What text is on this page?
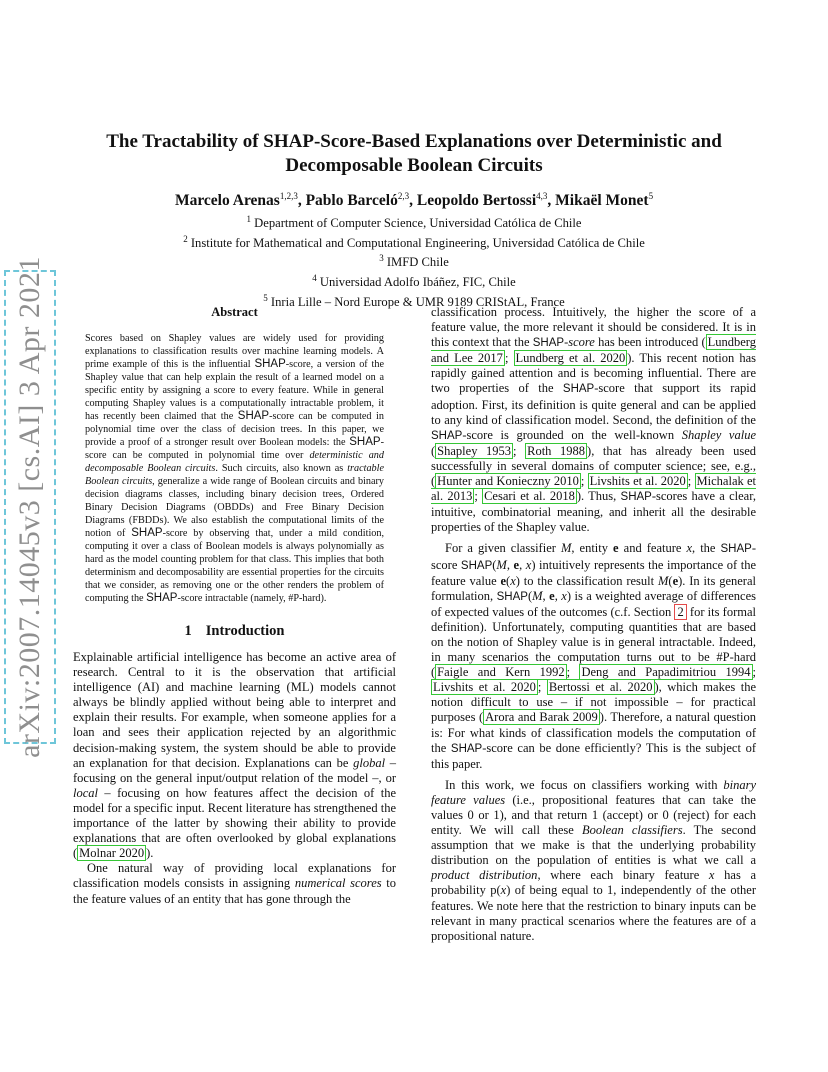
arXiv:2007.14045v3 [cs.AI] 3 Apr 2021
The Tractability of SHAP-Score-Based Explanations over Deterministic and
Decomposable Boolean Circuits
Marcelo Arenas$^{1,2,3}$, Pablo Barceló$^{2,3}$, Leopoldo Bertossi$^{4,3}$, Mikaël Monet$^5$
$^1$ Department of Computer Science, Universidad Católica de Chile
$^2$ Institute for Mathematical and Computational Engineering, Universidad Católica de Chile
$^3$ IMFD Chile
$^4$ Universidad Adolfo Ibáñez, FIC, Chile
$^5$ Inria Lille – Nord Europe & UMR 9189 CRIStAL, France
Abstract
Scores based on Shapley values are widely used for providing explanations to classification results over machine learning models. A prime example of this is the influential SHAP-score, a version of the Shapley value that can help explain the result of a learned model on a specific entity by assigning a score to every feature. While in general computing Shapley values is a computationally intractable problem, it has recently been claimed that the SHAP-score can be computed in polynomial time over the class of decision trees. In this paper, we provide a proof of a stronger result over Boolean models: the SHAP-score can be computed in polynomial time over deterministic and decomposable Boolean circuits. Such circuits, also known as tractable Boolean circuits, generalize a wide range of Boolean circuits and binary decision diagrams classes, including binary decision trees, Ordered Binary Decision Diagrams (OBDDs) and Free Binary Decision Diagrams (FBDDs). We also establish the computational limits of the notion of SHAP-score by observing that, under a mild condition, computing it over a class of Boolean models is always polynomially as hard as the model counting problem for that class. This implies that both determinism and decomposability are essential properties for the circuits that we consider, as removing one or the other renders the problem of computing the SHAP-score intractable (namely, #P-hard).
1 Introduction

Explainable artificial intelligence has become an active area of research. Central to it is the observation that artificial intelligence (AI) and machine learning (ML) models cannot always be blindly applied without being able to interpret and explain their results. For example, when someone applies for a loan and sees their application rejected by an algorithmic decision-making system, the system should be able to provide an explanation for that decision. Explanations can be global – focusing on the general input/output relation of the model –, or local – focusing on how features affect the decision of the model for a specific input. Recent literature has strengthened the importance of the latter by showing their ability to provide explanations that are often overlooked by global explanations ( Molnar 2020 ).

One natural way of providing local explanations for classification models consists in assigning numerical scores to the feature values of an entity that has gone through the

classification process. Intuitively, the higher the score of a feature value, the more relevant it should be considered. It is in this context that the SHAP-score has been introduced ( Lundberg and Lee 2017 ; Lundberg et al. 2020 ). This recent notion has rapidly gained attention and is becoming influential. There are two properties of the SHAP-score that support its rapid adoption. First, its definition is quite general and can be applied to any kind of classification model. Second, the definition of the SHAP-score is grounded on the well-known Shapley value ( Shapley 1953 ; Roth 1988 ), that has already been used successfully in several domains of computer science; see, e.g., ( Hunter and Konieczny 2010 ; Livshits et al. 2020 ; Michalak et al. 2013 ; Cesari et al. 2018 ). Thus, SHAP-scores have a clear, intuitive, combinatorial meaning, and inherit all the desirable properties of the Shapley value.

For a given classifier M, entity e and feature x, the SHAP-score SHAP(M, e, x) intuitively represents the importance of the feature value e(x) to the classification result M(e). In its general formulation, SHAP(M, e, x) is a weighted average of differences of expected values of the outcomes (c.f. Section 2 for its formal definition). Unfortunately, computing quantities that are based on the notion of Shapley value is in general intractable. Indeed, in many scenarios the computation turns out to be #P-hard ( Faigle and Kern 1992 ; Deng and Papadimitriou 1994 ; Livshits et al. 2020 ; Bertossi et al. 2020 ), which makes the notion difficult to use – if not impossible – for practical purposes ( Arora and Barak 2009 ). Therefore, a natural question is: For what kinds of classification models the computation of the SHAP-score can be done efficiently? This is the subject of this paper.

In this work, we focus on classifiers working with binary feature values (i.e., propositional features that can take the values 0 or 1), and that return 1 (accept) or 0 (reject) for each entity. We will call these Boolean classifiers. The second assumption that we make is that the underlying probability distribution on the population of entities is what we call a product distribution, where each binary feature x has a probability p(x) of being equal to 1, independently of the other features. We note here that the restriction to binary inputs can be relevant in many practical scenarios where the features are of a propositional nature.
